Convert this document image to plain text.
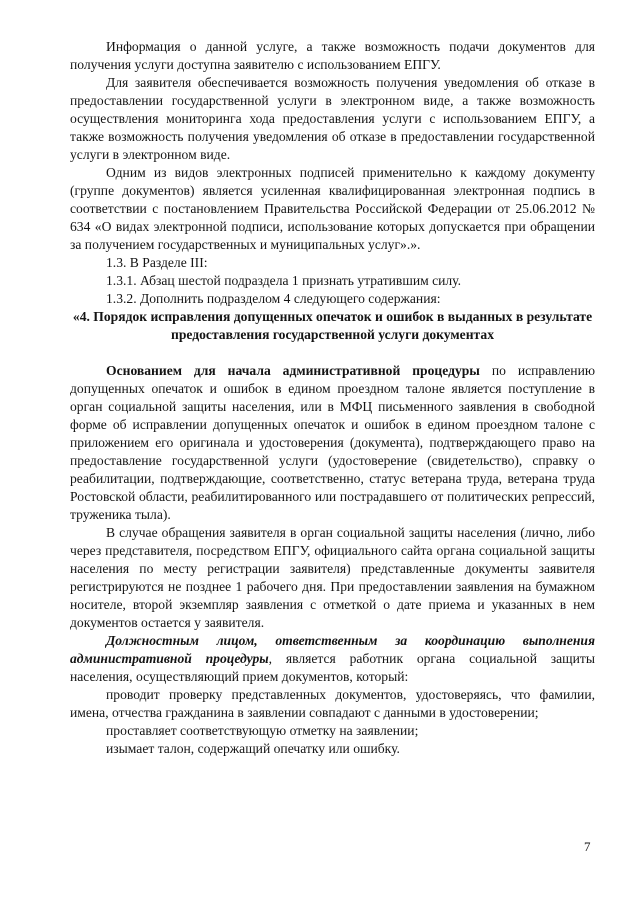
Информация о данной услуге, а также возможность подачи документов для получения услуги доступна заявителю с использованием ЕПГУ.

Для заявителя обеспечивается возможность получения уведомления об отказе в предоставлении государственной услуги в электронном виде, а также возможность осуществления мониторинга хода предоставления услуги с использованием ЕПГУ, а также возможность получения уведомления об отказе в предоставлении государственной услуги в электронном виде.

Одним из видов электронных подписей применительно к каждому документу (группе документов) является усиленная квалифицированная электронная подпись в соответствии с постановлением Правительства Российской Федерации от 25.06.2012 № 634 «О видах электронной подписи, использование которых допускается при обращении за получением государственных и муниципальных услуг».».

1.3. В Разделе III:

1.3.1. Абзац шестой подраздела 1 признать утратившим силу.

1.3.2. Дополнить подразделом 4 следующего содержания:

«4. Порядок исправления допущенных опечаток и ошибок в выданных в результате предоставления государственной услуги документах

Основанием для начала административной процедуры по исправлению допущенных опечаток и ошибок в едином проездном талоне является поступление в орган социальной защиты населения, или в МФЦ письменного заявления в свободной форме об исправлении допущенных опечаток и ошибок в едином проездном талоне с приложением его оригинала и удостоверения (документа), подтверждающего право на предоставление государственной услуги (удостоверение (свидетельство), справку о реабилитации, подтверждающие, соответственно, статус ветерана труда, ветерана труда Ростовской области, реабилитированного или пострадавшего от политических репрессий, труженика тыла).

В случае обращения заявителя в орган социальной защиты населения (лично, либо через представителя, посредством ЕПГУ, официального сайта органа социальной защиты населения по месту регистрации заявителя) представленные документы заявителя регистрируются не позднее 1 рабочего дня. При предоставлении заявления на бумажном носителе, второй экземпляр заявления с отметкой о дате приема и указанных в нем документов остается у заявителя.

Должностным лицом, ответственным за координацию выполнения административной процедуры, является работник органа социальной защиты населения, осуществляющий прием документов, который:

проводит проверку представленных документов, удостоверяясь, что фамилии, имена, отчества гражданина в заявлении совпадают с данными в удостоверении;

проставляет соответствующую отметку на заявлении;

изымает талон, содержащий опечатку или ошибку.

7
